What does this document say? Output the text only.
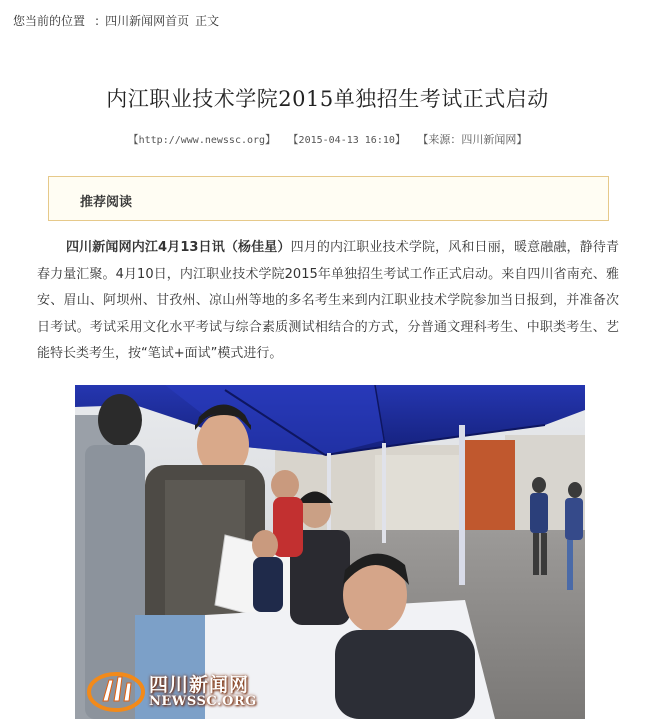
您当前的位置 : 四川新闻网首页 正文
内江职业技术学院2015单独招生考试正式启动
【http://www.newssc.org】 【2015-04-13 16:10】 【来源：四川新闻网】
推荐阅读
四川新闻网内江4月13日讯（杨佳星）四月的内江职业技术学院，风和日丽，暖意融融，静待青春力量汇聚。4月10日，内江职业技术学院2015年单独招生考试工作正式启动。来自四川省南充、雅安、眉山、阿坝州、甘孜州、凉山州等地的多名考生来到内江职业技术学院参加当日报到，并准备次日考试。考试采用文化水平考试与综合素质测试相结合的方式，分普通文理科考生、中职类考生、艺能特长类考生，按“笔试+面试”模式进行。
四川新闻网
NEWSSC.ORG
